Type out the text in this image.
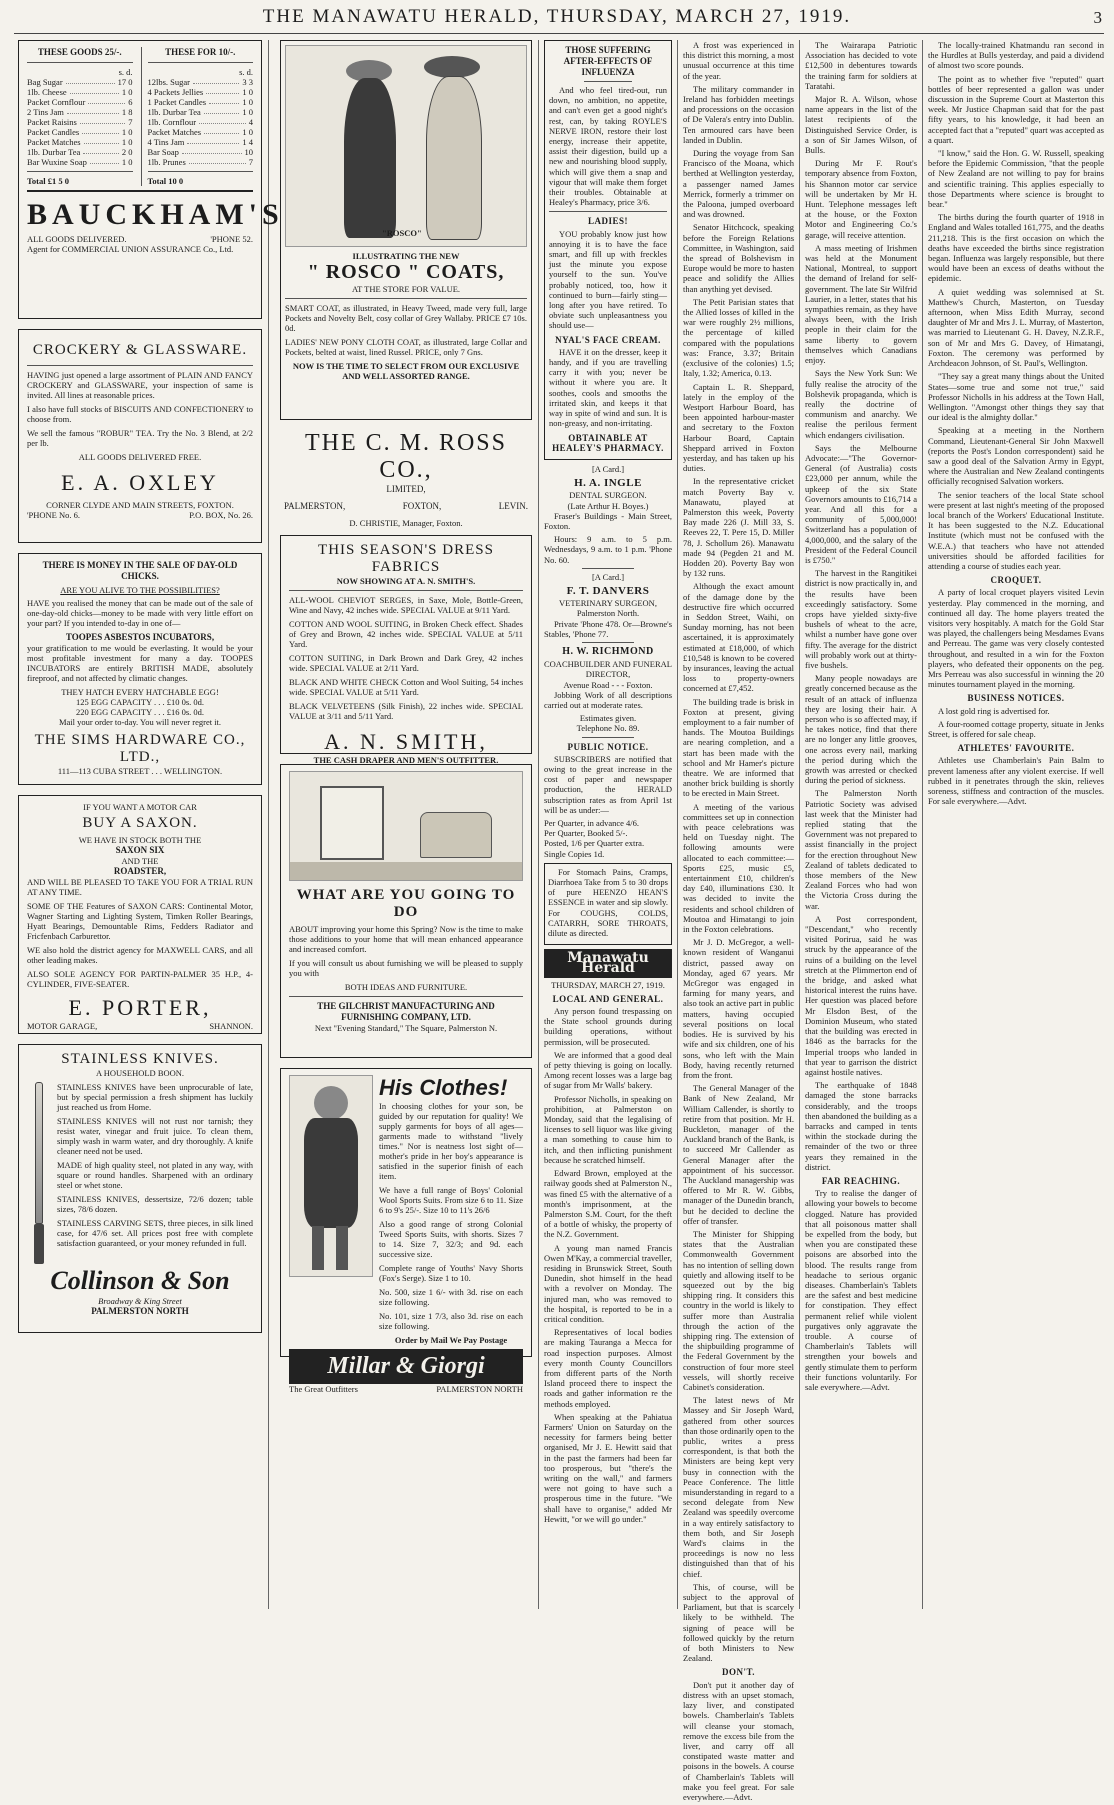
THE MANAWATU HERALD, THURSDAY, MARCH 27, 1919.	3
THESE GOODS 25/-.
s. d.
Bag Sugar	17 0
1lb. Cheese	1 0
Packet Cornflour	6
2 Tins Jam	1 8
Packet Raisins	7
Packet Candles	1 0
Packet Matches	1 0
1lb. Durbar Tea	2 0
Bar Wuxine Soap	1 0
Total £1 5 0
THESE FOR 10/-.
s. d.
12lbs. Sugar	3 3
4 Packets Jellies	1 0
1 Packet Candles	1 0
1lb. Durbar Tea	1 0
1lb. Cornflour	4
Packet Matches	1 0
4 Tins Jam	1 4
Bar Soap	10
1lb. Prunes	7
Total 10 0
BAUCKHAM'S
ALL GOODS DELIVERED.	'PHONE 52.
Agent for COMMERCIAL UNION ASSURANCE Co., Ltd.
CROCKERY & GLASSWARE.

HAVING just opened a large assortment of PLAIN AND FANCY CROCKERY and GLASSWARE, your inspection of same is invited. All lines at reasonable prices.

I also have full stocks of BISCUITS AND CONFECTIONERY to choose from.

We sell the famous "ROBUR" TEA. Try the No. 3 Blend, at 2/2 per lb.

ALL GOODS DELIVERED FREE.
E. A. OXLEY
CORNER CLYDE AND MAIN STREETS, FOXTON.
'PHONE No. 6.	P.O. BOX, No. 26.
THERE IS MONEY IN THE SALE OF DAY-OLD CHICKS.
ARE YOU ALIVE TO THE POSSIBILITIES?

HAVE you realised the money that can be made out of the sale of one-day-old chicks—money to be made with very little effort on your part? If you intended to-day in one of—

TOOPES ASBESTOS INCUBATORS,

your gratification to me would be everlasting. It would be your most profitable investment for many a day. TOOPES INCUBATORS are entirely BRITISH MADE, absolutely fireproof, and not affected by climatic changes.

THEY HATCH EVERY HATCHABLE EGG!
125 EGG CAPACITY . . . £10 0s. 0d.
220 EGG CAPACITY . . . £16 0s. 0d.
Mail your order to-day. You will never regret it.
THE SIMS HARDWARE CO.,
LTD.,
111—113 CUBA STREET . . . WELLINGTON.
IF YOU WANT A MOTOR CAR
BUY A SAXON.
WE HAVE IN STOCK BOTH THE
SAXON SIX
AND THE
ROADSTER,

AND WILL BE PLEASED TO TAKE YOU FOR A TRIAL RUN AT ANY TIME.

SOME OF THE Features of SAXON CARS: Continental Motor, Wagner Starting and Lighting System, Timken Roller Bearings, Hyatt Bearings, Demountable Rims, Fedders Radiator and Fricfenbach Carburettor.

WE also hold the district agency for MAXWELL CARS, and all other leading makes.

ALSO SOLE AGENCY FOR PARTIN-PALMER 35 H.P., 4-CYLINDER, FIVE-SEATER.

E. PORTER,
MOTOR GARAGE,	SHANNON.
STAINLESS KNIVES.
A HOUSEHOLD BOON.

STAINLESS KNIVES have been unprocurable of late, but by special permission a fresh shipment has luckily just reached us from Home.

STAINLESS KNIVES will not rust nor tarnish; they resist water, vinegar and fruit juice. To clean them, simply wash in warm water, and dry thoroughly. A knife cleaner need not be used.

MADE of high quality steel, not plated in any way, with square or round handles. Sharpened with an ordinary steel or whet stone.

STAINLESS KNIVES, dessertsize, 72/6 dozen; table sizes, 78/6 dozen.

STAINLESS CARVING SETS, three pieces, in silk lined case, for 47/6 set. All prices post free with complete satisfaction guaranteed, or your money refunded in full.

Collinson & Son
Broadway & King Street
PALMERSTON NORTH
"ROSCO"
ILLUSTRATING THE NEW
" ROSCO " COATS,
AT THE STORE FOR VALUE.

SMART COAT, as illustrated, in Heavy Tweed, made very full, large Pockets and Novelty Belt, cosy collar of Grey Wallaby. PRICE £7 10s. 0d.

LADIES' NEW PONY CLOTH COAT, as illustrated, large Collar and Pockets, belted at waist, lined Russel. PRICE, only 7 Gns.

NOW IS THE TIME TO SELECT FROM OUR EXCLUSIVE AND WELL ASSORTED RANGE.
THE C. M. ROSS CO.,
LIMITED,
PALMERSTON,	FOXTON,	LEVIN.
D. CHRISTIE, Manager, Foxton.
THIS SEASON'S DRESS FABRICS
NOW SHOWING AT A. N. SMITH'S.

ALL-WOOL CHEVIOT SERGES, in Saxe, Mole, Bottle-Green, Wine and Navy, 42 inches wide. SPECIAL VALUE at 9/11 Yard.

COTTON AND WOOL SUITING, in Broken Check effect. Shades of Grey and Brown, 42 inches wide. SPECIAL VALUE at 5/11 Yard.

COTTON SUITING, in Dark Brown and Dark Grey, 42 inches wide. SPECIAL VALUE at 2/11 Yard.

BLACK AND WHITE CHECK Cotton and Wool Suiting, 54 inches wide. SPECIAL VALUE at 5/11 Yard.

BLACK VELVETEENS (Silk Finish), 22 inches wide. SPECIAL VALUE at 3/11 and 5/11 Yard.

A. N. SMITH,
THE CASH DRAPER AND MEN'S OUTFITTER.
WHAT ARE YOU GOING TO DO

ABOUT improving your home this Spring? Now is the time to make those additions to your home that will mean enhanced appearance and increased comfort.

If you will consult us about furnishing we will be pleased to supply you with

BOTH IDEAS AND FURNITURE.
THE GILCHRIST MANUFACTURING AND FURNISHING COMPANY, LTD.
Next "Evening Standard," The Square, Palmerston N.
His Clothes!

In choosing clothes for your son, be guided by our reputation for quality! We supply garments for boys of all ages—garments made to withstand "lively times." Nor is neatness lost sight of—mother's pride in her boy's appearance is satisfied in the superior finish of each item.

We have a full range of Boys' Colonial Wool Sports Suits. From size 6 to 11. Size 6 to 9's 25/-. Size 10 to 11's 26/6

Also a good range of strong Colonial Tweed Sports Suits, with shorts. Sizes 7 to 14. Size 7, 32/3; and 9d. each successive size.

Complete range of Youths' Navy Shorts (Fox's Serge). Size 1 to 10.

No. 500, size 1 6/- with 3d. rise on each size following.

No. 101, size 1 7/3, also 3d. rise on each size following.

Order by Mail We Pay Postage
Millar & Giorgi
The Great Outfitters	PALMERSTON NORTH
THOSE SUFFERING AFTER-EFFECTS OF INFLUENZA

And who feel tired-out, run down, no ambition, no appetite, and can't even get a good night's rest, can, by taking ROYLE'S NERVE IRON, restore their lost energy, increase their appetite, assist their digestion, build up a new and nourishing blood supply, which will give them a snap and vigour that will make them forget their troubles. Obtainable at Healey's Pharmacy, price 3/6.

LADIES!

YOU probably know just how annoying it is to have the face smart, and fill up with freckles just the minute you expose yourself to the sun. You've probably noticed, too, how it continued to burn—fairly sting—long after you have retired. To obviate such unpleasantness you should use—

NYAL'S FACE CREAM.

HAVE it on the dresser, keep it handy, and if you are travelling carry it with you; never be without it where you are. It soothes, cools and smooths the irritated skin, and keeps it that way in spite of wind and sun. It is non-greasy, and non-irritating.

OBTAINABLE AT HEALEY'S PHARMACY.
[A Card.]
H. A. INGLE
DENTAL SURGEON.
(Late Arthur H. Boyes.)

Fraser's Buildings - Main Street, Foxton.

Hours: 9 a.m. to 5 p.m. Wednesdays, 9 a.m. to 1 p.m. 'Phone No. 60.

[A Card.]
F. T. DANVERS
VETERINARY SURGEON, Palmerston North.

Private 'Phone 478. Or—Browne's Stables, 'Phone 77.

H. W. RICHMOND
COACHBUILDER AND FUNERAL DIRECTOR,
Avenue Road - - - Foxton.

Jobbing Work of all descriptions carried out at moderate rates.

Estimates given.
Telephone No. 89.
PUBLIC NOTICE.

SUBSCRIBERS are notified that owing to the great increase in the cost of paper and newspaper production, the HERALD subscription rates as from April 1st will be as under:—

Per Quarter, in advance 4/6.
Per Quarter, Booked 5/-.
Posted, 1/6 per Quarter extra.
Single Copies 1d.

For Stomach Pains, Cramps, Diarrhoea Take from 5 to 30 drops of pure HEENZO HEAN'S ESSENCE in water and sip slowly. For COUGHS, COLDS, CATARRH, SORE THROATS, dilute as directed.

Manawatu Herald
THURSDAY, MARCH 27, 1919.
LOCAL AND GENERAL.

Any person found trespassing on the State school grounds during building operations, without permission, will be prosecuted.

We are informed that a good deal of petty thieving is going on locally. Among recent losses was a large bag of sugar from Mr Walls' bakery.

Professor Nicholls, in speaking on prohibition, at Palmerston on Monday, said that the legalising of licenses to sell liquor was like giving a man something to cause him to itch, and then inflicting punishment because he scratched himself.

Edward Brown, employed at the railway goods shed at Palmerston N., was fined £5 with the alternative of a month's imprisonment, at the Palmerston S.M. Court, for the theft of a bottle of whisky, the property of the N.Z. Government.

A young man named Francis Owen M'Kay, a commercial traveller, residing in Brunswick Street, South Dunedin, shot himself in the head with a revolver on Monday. The injured man, who was removed to the hospital, is reported to be in a critical condition.

Representatives of local bodies are making Tauranga a Mecca for road inspection purposes. Almost every month County Councillors from different parts of the North Island proceed there to inspect the roads and gather information re the methods employed.

When speaking at the Pahiatua Farmers' Union on Saturday on the necessity for farmers being better organised, Mr J. E. Hewitt said that in the past the farmers had been far too prosperous, but "there's the writing on the wall," and farmers were not going to have such a prosperous time in the future. "We shall have to organise," added Mr Hewitt, "or we will go under."

A frost was experienced in this district this morning, a most unusual occurrence at this time of the year.

The military commander in Ireland has forbidden meetings and processions on the occasion of De Valera's entry into Dublin. Ten armoured cars have been landed in Dublin.

During the voyage from San Francisco of the Moana, which berthed at Wellington yesterday, a passenger named James Merrick, formerly a trimmer on the Paloona, jumped overboard and was drowned.

Senator Hitchcock, speaking before the Foreign Relations Committee, in Washington, said the spread of Bolshevism in Europe would be more to hasten peace and solidify the Allies than anything yet devised.

The Petit Parisian states that the Allied losses of killed in the war were roughly 2½ millions, the percentage of killed compared with the populations was: France, 3.37; Britain (exclusive of the colonies) 1.5; Italy, 1.32; America, 0.13.

Captain L. R. Sheppard, lately in the employ of the Westport Harbour Board, has been appointed harbour-master and secretary to the Foxton Harbour Board, Captain Sheppard arrived in Foxton yesterday, and has taken up his duties.

In the representative cricket match Poverty Bay v. Manawatu, played at Palmerston this week, Poverty Bay made 226 (J. Mill 33, S. Reeves 22, T. Pere 15, D. Miller 78, J. Schollum 26). Manawatu made 94 (Pegden 21 and M. Hodden 20). Poverty Bay won by 132 runs.

Although the exact amount of the damage done by the destructive fire which occurred in Seddon Street, Waihi, on Sunday morning, has not been ascertained, it is approximately estimated at £18,000, of which £10,548 is known to be covered by insurances, leaving the actual loss to property-owners concerned at £7,452.

The building trade is brisk in Foxton at present, giving employment to a fair number of hands. The Moutoa Buildings are nearing completion, and a start has been made with the school and Mr Hamer's picture theatre. We are informed that another brick building is shortly to be erected in Main Street.

A meeting of the various committees set up in connection with peace celebrations was held on Tuesday night. The following amounts were allocated to each committee:—Sports £25, music £5, entertainment £10, children's day £40, illuminations £30. It was decided to invite the residents and school children of Moutoa and Himatangi to join in the Foxton celebrations.

Mr J. D. McGregor, a well-known resident of Wanganui district, passed away on Monday, aged 67 years. Mr McGregor was engaged in farming for many years, and also took an active part in public matters, having occupied several positions on local bodies. He is survived by his wife and six children, one of his sons, who left with the Main Body, having recently returned from the front.

The General Manager of the Bank of New Zealand, Mr William Callender, is shortly to retire from that position. Mr H. Buckleton, manager of the Auckland branch of the Bank, is to succeed Mr Callender as General Manager after the appointment of his successor. The Auckland managership was offered to Mr R. W. Gibbs, manager of the Dunedin branch, but he decided to decline the offer of transfer.

The Minister for Shipping states that the Australian Commonwealth Government has no intention of selling down quietly and allowing itself to be squeezed out by the big shipping ring. It considers this country in the world is likely to suffer more than Australia through the action of the shipping ring. The extension of the shipbuilding programme of the Federal Government by the construction of four more steel vessels, will shortly receive Cabinet's consideration.

The latest news of Mr Massey and Sir Joseph Ward, gathered from other sources than those ordinarily open to the public, writes a press correspondent, is that both the Ministers are being kept very busy in connection with the Peace Conference. The little misunderstanding in regard to a second delegate from New Zealand was speedily overcome in a way entirely satisfactory to them both, and Sir Joseph Ward's claims in the proceedings is now no less distinguished than that of his chief.

This, of course, will be subject to the approval of Parliament, but that is scarcely likely to be withheld. The signing of peace will be followed quickly by the return of both Ministers to New Zealand.

DON'T.

Don't put it another day of distress with an upset stomach, lazy liver, and constipated bowels. Chamberlain's Tablets will cleanse your stomach, remove the excess bile from the liver, and carry off all constipated waste matter and poisons in the bowels. A course of Chamberlain's Tablets will make you feel great. For sale everywhere.—Advt.

The Wairarapa Patriotic Association has decided to vote £12,500 in debentures towards the training farm for soldiers at Taratahi.

Major R. A. Wilson, whose name appears in the list of the latest recipients of the Distinguished Service Order, is a son of Sir James Wilson, of Bulls.

During Mr F. Rout's temporary absence from Foxton, his Shannon motor car service will be undertaken by Mr H. Hunt. Telephone messages left at the house, or the Foxton Motor and Engineering Co.'s garage, will receive attention.

A mass meeting of Irishmen was held at the Monument National, Montreal, to support the demand of Ireland for self-government. The late Sir Wilfrid Laurier, in a letter, states that his sympathies remain, as they have always been, with the Irish people in their claim for the same liberty to govern themselves which Canadians enjoy.

Says the New York Sun: We fully realise the atrocity of the Bolshevik propaganda, which is really the doctrine of communism and anarchy. We realise the perilous ferment which endangers civilisation.

Says the Melbourne Advocate:—"The Governor-General (of Australia) costs £23,000 per annum, while the upkeep of the six State Governors amounts to £16,714 a year. And all this for a community of 5,000,000! Switzerland has a population of 4,000,000, and the salary of the President of the Federal Council is £750."

The harvest in the Rangitikei district is now practically in, and the results have been exceedingly satisfactory. Some crops have yielded sixty-five bushels of wheat to the acre, whilst a number have gone over fifty. The average for the district will probably work out at thirty-five bushels.

Many people nowadays are greatly concerned because as the result of an attack of influenza they are losing their hair. A person who is so affected may, if he takes notice, find that there are no longer any little grooves, one across every nail, marking the period during which the growth was arrested or checked during the period of sickness.

The Palmerston North Patriotic Society was advised last week that the Minister had replied stating that the Government was not prepared to assist financially in the project for the erection throughout New Zealand of tablets dedicated to those members of the New Zealand Forces who had won the Victoria Cross during the war.

A Post correspondent, "Descendant," who recently visited Porirua, said he was struck by the appearance of the ruins of a building on the level stretch at the Plimmerton end of the bridge, and asked what historical interest the ruins have. Her question was placed before Mr Elsdon Best, of the Dominion Museum, who stated that the building was erected in 1846 as the barracks for the Imperial troops who landed in that year to garrison the district against hostile natives.

The earthquake of 1848 damaged the stone barracks considerably, and the troops then abandoned the building as a barracks and camped in tents within the stockade during the remainder of the two or three years they remained in the district.

FAR REACHING.

Try to realise the danger of allowing your bowels to become clogged. Nature has provided that all poisonous matter shall be expelled from the body, but when you are constipated these poisons are absorbed into the blood. The results range from headache to serious organic diseases. Chamberlain's Tablets are the safest and best medicine for constipation. They effect permanent relief while violent purgatives only aggravate the trouble. A course of Chamberlain's Tablets will strengthen your bowels and gently stimulate them to perform their functions voluntarily. For sale everywhere.—Advt.

The locally-trained Khatmandu ran second in the Hurdles at Bulls yesterday, and paid a dividend of almost two score pounds.

The point as to whether five "reputed" quart bottles of beer represented a gallon was under discussion in the Supreme Court at Masterton this week. Mr Justice Chapman said that for the past fifty years, to his knowledge, it had been an accepted fact that a "reputed" quart was accepted as a quart.

"I know," said the Hon. G. W. Russell, speaking before the Epidemic Commission, "that the people of New Zealand are not willing to pay for brains and scientific training. This applies especially to those Departments where science is brought to bear."

The births during the fourth quarter of 1918 in England and Wales totalled 161,775, and the deaths 211,218. This is the first occasion on which the deaths have exceeded the births since registration began. Influenza was largely responsible, but there would have been an excess of deaths without the epidemic.

A quiet wedding was solemnised at St. Matthew's Church, Masterton, on Tuesday afternoon, when Miss Edith Murray, second daughter of Mr and Mrs J. L. Murray, of Masterton, was married to Lieutenant G. H. Davey, N.Z.R.F., son of Mr and Mrs G. Davey, of Himatangi, Foxton. The ceremony was performed by Archdeacon Johnson, of St. Paul's, Wellington.

"They say a great many things about the United States—some true and some not true," said Professor Nicholls in his address at the Town Hall, Wellington. "Amongst other things they say that our ideal is the almighty dollar."

Speaking at a meeting in the Northern Command, Lieutenant-General Sir John Maxwell (reports the Post's London correspondent) said he saw a good deal of the Salvation Army in Egypt, where the Australian and New Zealand contingents officially recognised Salvation workers.

The senior teachers of the local State school were present at last night's meeting of the proposed local branch of the Workers' Educational Institute. It has been suggested to the N.Z. Educational Institute (which must not be confused with the W.E.A.) that teachers who have not attended universities should be afforded facilities for attending a course of studies each year.

CROQUET.

A party of local croquet players visited Levin yesterday. Play commenced in the morning, and continued all day. The home players treated the visitors very hospitably. A match for the Gold Star was played, the challengers being Mesdames Evans and Perreau. The game was very closely contested throughout, and resulted in a win for the Foxton players, who defeated their opponents on the peg. Mrs Perreau was also successful in winning the 20 minutes tournament played in the morning.

BUSINESS NOTICES.

A lost gold ring is advertised for.

A four-roomed cottage property, situate in Jenks Street, is offered for sale cheap.

ATHLETES' FAVOURITE.

Athletes use Chamberlain's Pain Balm to prevent lameness after any violent exercise. If well rubbed in it penetrates through the skin, relieves soreness, stiffness and contraction of the muscles. For sale everywhere.—Advt.
